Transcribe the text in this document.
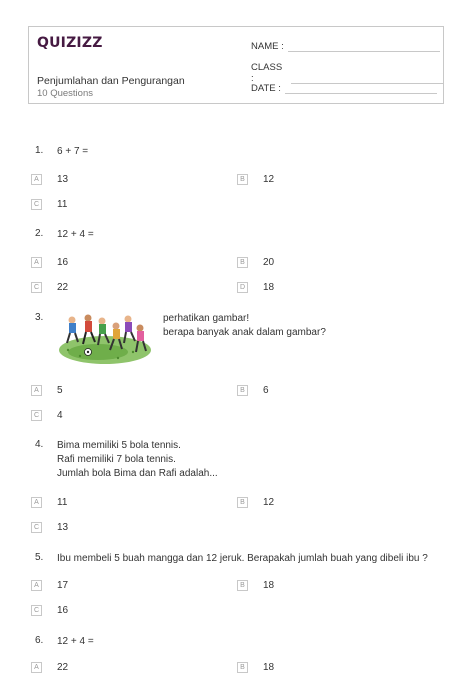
QUIZIZZ
Penjumlahan dan Pengurangan
10 Questions
NAME :
CLASS :
DATE :
1. 6 + 7 =
A	13	B	12
C 11
2. 12 + 4 =
A	16	B	20
C 22	D 18
3.	perhatikan gambar!
berapa banyak anak dalam gambar?
A	5	B	6
C 4
4. Bima memiliki 5 bola tennis.
Rafi memiliki 7 bola tennis.
Jumlah bola Bima dan Rafi adalah...
A	11	B	12
C 13
5. Ibu membeli 5 buah mangga dan 12 jeruk. Berapakah jumlah buah yang dibeli ibu ?
A	17	B	18
C 16
6. 12 + 4 =
A	22	B	18
